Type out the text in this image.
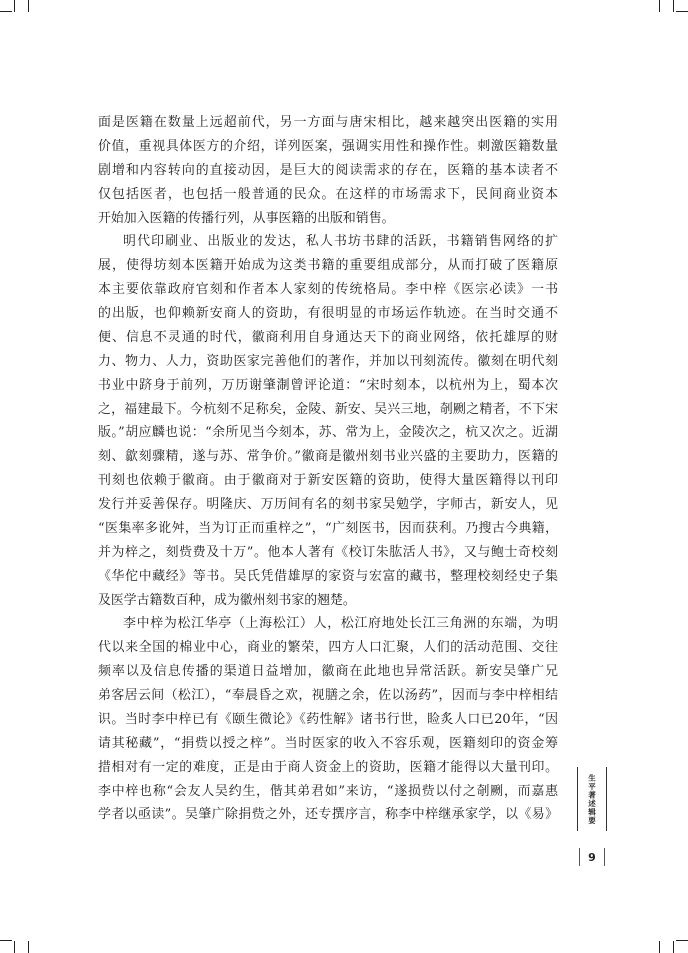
面是医籍在数量上远超前代，另一方面与唐宋相比，越来越突出医籍的实用
价值，重视具体医方的介绍，详列医案，强调实用性和操作性。刺激医籍数量
剧增和内容转向的直接动因，是巨大的阅读需求的存在，医籍的基本读者不
仅包括医者，也包括一般普通的民众。在这样的市场需求下，民间商业资本
开始加入医籍的传播行列，从事医籍的出版和销售。
明代印刷业、出版业的发达，私人书坊书肆的活跃，书籍销售网络的扩
展，使得坊刻本医籍开始成为这类书籍的重要组成部分，从而打破了医籍原
本主要依靠政府官刻和作者本人家刻的传统格局。李中梓《医宗必读》一书
的出版，也仰赖新安商人的资助，有很明显的市场运作轨迹。在当时交通不
便、信息不灵通的时代，徽商利用自身通达天下的商业网络，依托雄厚的财
力、物力、人力，资助医家完善他们的著作，并加以刊刻流传。徽刻在明代刻
书业中跻身于前列，万历谢肇淛曾评论道：“宋时刻本，以杭州为上，蜀本次
之，福建最下。今杭刻不足称矣，金陵、新安、吴兴三地，剞劂之精者，不下宋
版。”胡应麟也说：“余所见当今刻本，苏、常为上，金陵次之，杭又次之。近湖
刻、歙刻骤精，遂与苏、常争价。”徽商是徽州刻书业兴盛的主要助力，医籍的
刊刻也依赖于徽商。由于徽商对于新安医籍的资助，使得大量医籍得以刊印
发行并妥善保存。明隆庆、万历间有名的刻书家吴勉学，字师古，新安人，见
“医集率多讹舛，当为订正而重梓之”，“广刻医书，因而获利。乃搜古今典籍，
并为梓之，刻赀费及十万”。他本人著有《校订朱肱活人书》，又与鲍士奇校刻
《华佗中藏经》等书。吴氏凭借雄厚的家资与宏富的藏书，整理校刻经史子集
及医学古籍数百种，成为徽州刻书家的翘楚。
李中梓为松江华亭（上海松江）人，松江府地处长江三角洲的东端，为明
代以来全国的棉业中心，商业的繁荣，四方人口汇聚，人们的活动范围、交往
频率以及信息传播的渠道日益增加，徽商在此地也异常活跃。新安吴肇广兄
弟客居云间（松江），“奉晨昏之欢，视膳之余，佐以汤药”，因而与李中梓相结
识。当时李中梓已有《颐生微论》《药性解》诸书行世，睑炙人口已20年，“因
请其秘藏”，“捐赀以授之梓”。当时医家的收入不容乐观，医籍刻印的资金筹
措相对有一定的难度，正是由于商人资金上的资助，医籍才能得以大量刊印。
李中梓也称“会友人吴约生，偕其弟君如”来访，“遂损赀以付之剞劂，而嘉惠
学者以亟读”。吴肇广除捐赀之外，还专撰序言，称李中梓继承家学，以《易》	生平著述辑要
9
